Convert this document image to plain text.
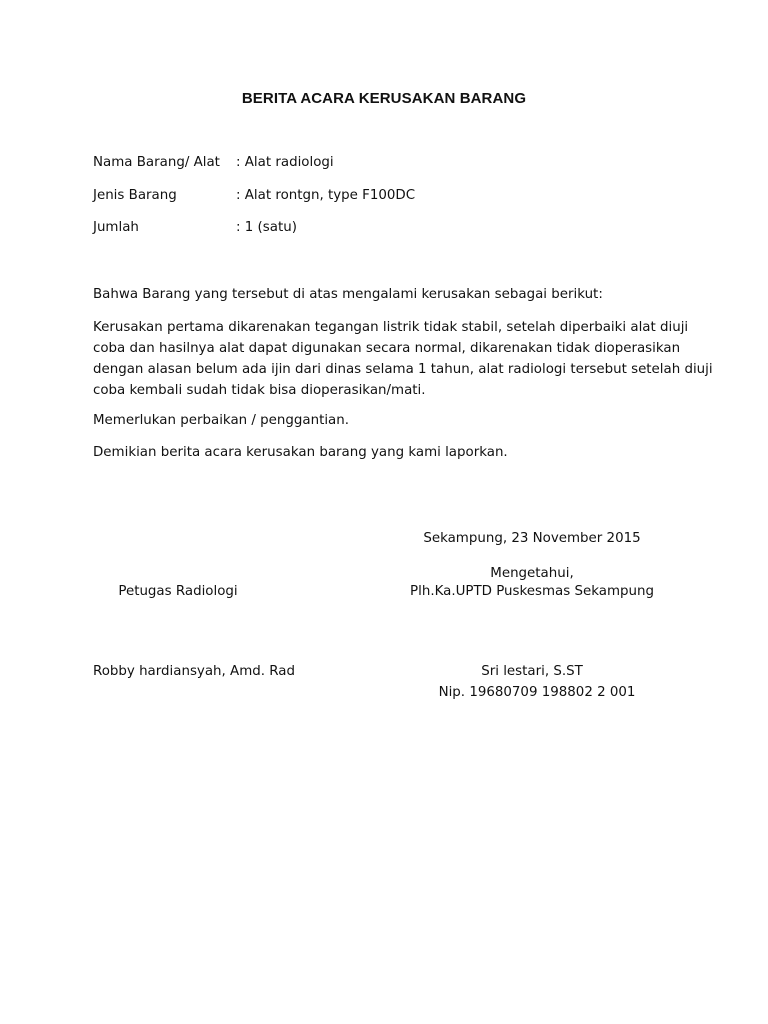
BERITA ACARA KERUSAKAN BARANG
Nama Barang/ Alat : Alat radiologi
Jenis Barang	: Alat rontgn, type F100DC
Jumlah	: 1 (satu)
Bahwa Barang yang tersebut di atas mengalami kerusakan sebagai berikut:
Kerusakan pertama dikarenakan tegangan listrik tidak stabil, setelah diperbaiki alat diuji
coba dan hasilnya alat dapat digunakan secara normal, dikarenakan tidak dioperasikan
dengan alasan belum ada ijin dari dinas selama 1 tahun, alat radiologi tersebut setelah diuji
coba kembali sudah tidak bisa dioperasikan/mati.
Memerlukan perbaikan / penggantian.
Demikian berita acara kerusakan barang yang kami laporkan.
Sekampung, 23 November 2015
Mengetahui,
Petugas Radiologi	Plh.Ka.UPTD Puskesmas Sekampung
Robby hardiansyah, Amd. Rad	Sri lestari, S.ST
Nip. 19680709 198802 2 001
